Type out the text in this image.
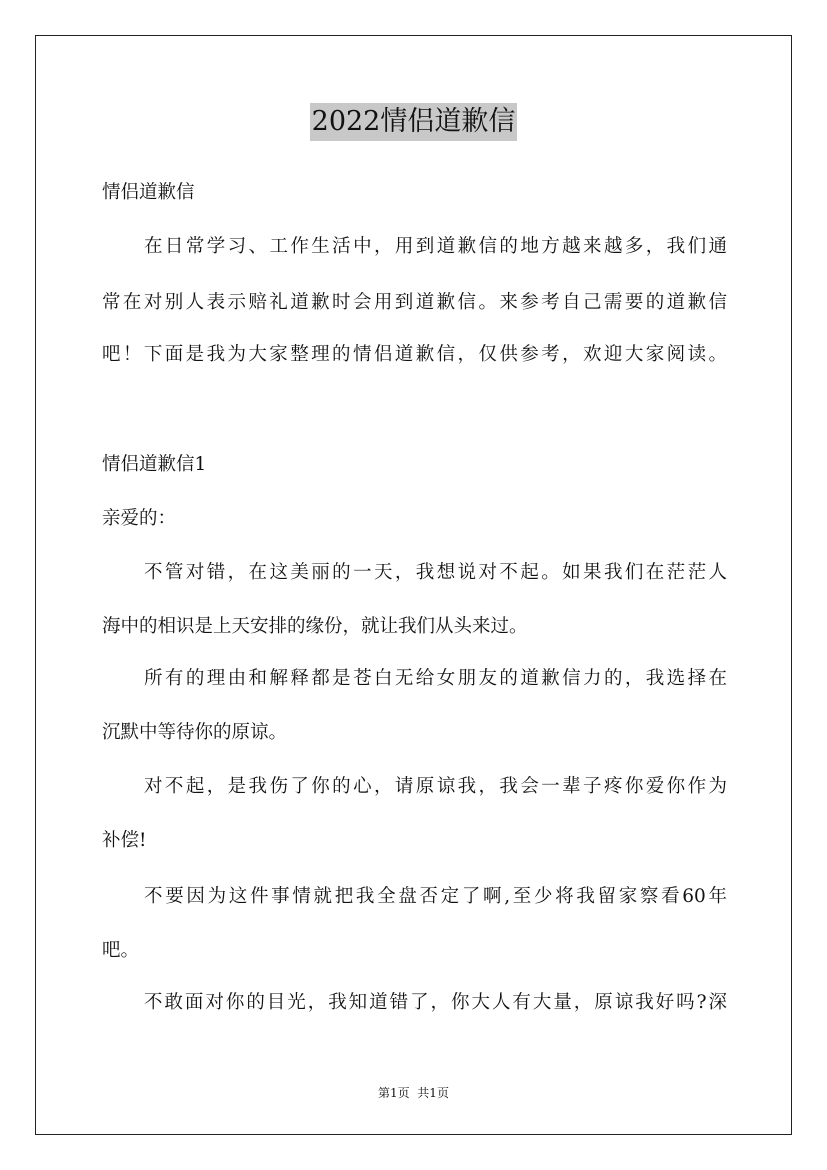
2022情侣道歉信
情侣道歉信
在日常学习、工作生活中，用到道歉信的地方越来越多，我们通
常在对别人表示赔礼道歉时会用到道歉信。来参考自己需要的道歉信
吧！下面是我为大家整理的情侣道歉信，仅供参考，欢迎大家阅读。
情侣道歉信1
亲爱的：
不管对错，在这美丽的一天，我想说对不起。如果我们在茫茫人
海中的相识是上天安排的缘份，就让我们从头来过。
所有的理由和解释都是苍白无给女朋友的道歉信力的，我选择在
沉默中等待你的原谅。
对不起，是我伤了你的心，请原谅我，我会一辈子疼你爱你作为
补偿!
不要因为这件事情就把我全盘否定了啊,至少将我留家察看60年
吧。
不敢面对你的目光，我知道错了，你大人有大量，原谅我好吗?深
第1页  共1页
